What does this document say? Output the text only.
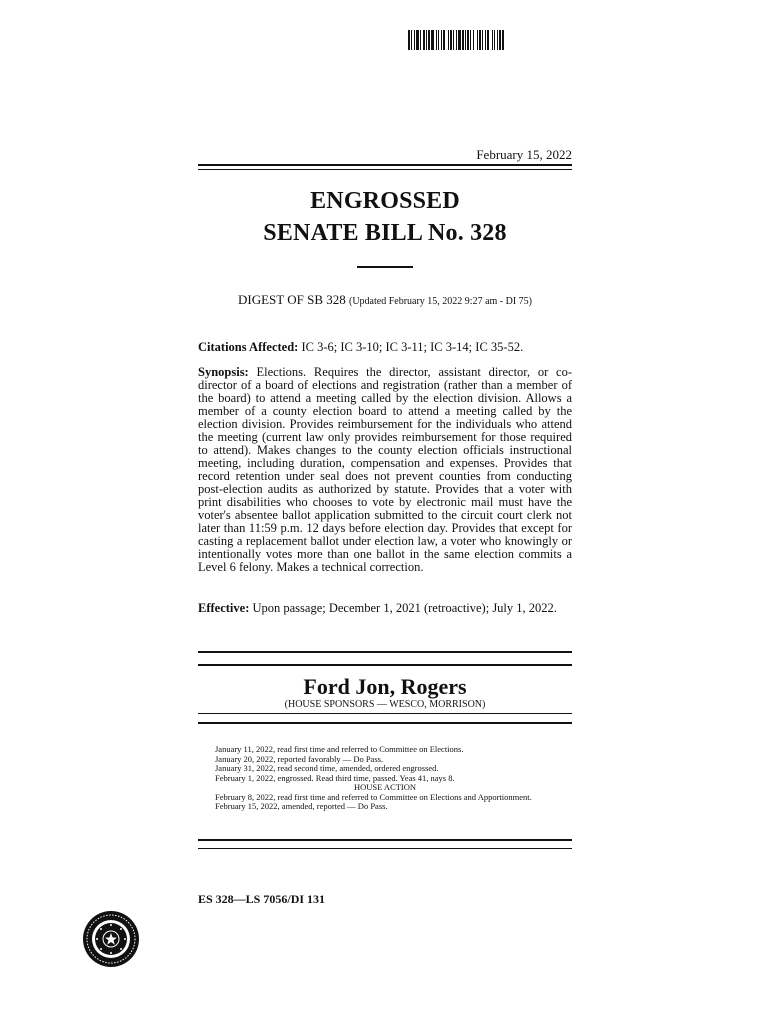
February 15, 2022
ENGROSSED
SENATE BILL No. 328
DIGEST OF SB 328 (Updated February 15, 2022 9:27 am - DI 75)
Citations Affected: IC 3-6; IC 3-10; IC 3-11; IC 3-14; IC 35-52.
Synopsis: Elections. Requires the director, assistant director, or co-director of a board of elections and registration (rather than a member of the board) to attend a meeting called by the election division. Allows a member of a county election board to attend a meeting called by the election division. Provides reimbursement for the individuals who attend the meeting (current law only provides reimbursement for those required to attend). Makes changes to the county election officials instructional meeting, including duration, compensation and expenses. Provides that record retention under seal does not prevent counties from conducting post-election audits as authorized by statute. Provides that a voter with print disabilities who chooses to vote by electronic mail must have the voter's absentee ballot application submitted to the circuit court clerk not later than 11:59 p.m. 12 days before election day. Provides that except for casting a replacement ballot under election law, a voter who knowingly or intentionally votes more than one ballot in the same election commits a Level 6 felony. Makes a technical correction.
Effective: Upon passage; December 1, 2021 (retroactive); July 1, 2022.
Ford Jon, Rogers
(HOUSE SPONSORS — WESCO, MORRISON)
January 11, 2022, read first time and referred to Committee on Elections.
January 20, 2022, reported favorably — Do Pass.
January 31, 2022, read second time, amended, ordered engrossed.
February 1, 2022, engrossed. Read third time, passed. Yeas 41, nays 8.
HOUSE ACTION
February 8, 2022, read first time and referred to Committee on Elections and Apportionment.
February 15, 2022, amended, reported — Do Pass.
ES 328—LS 7056/DI 131
